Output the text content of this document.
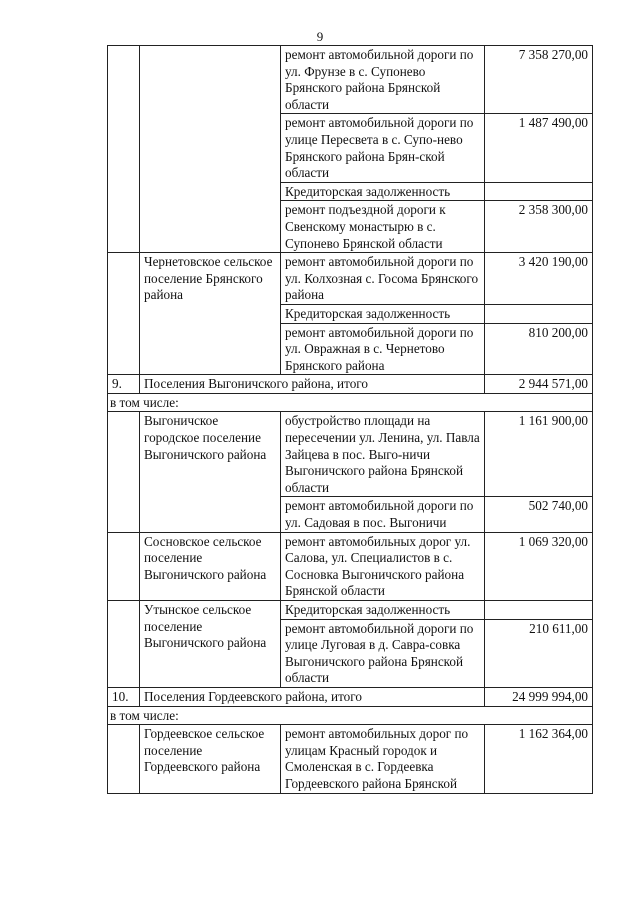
9
		ремонт автомобильной дороги по ул. Фрунзе в с. Супонево Брянского района Брянской области	7 358 270,00
		ремонт автомобильной дороги по улице Пересвета в с. Супо-нево Брянского района Брян-ской области	1 487 490,00
		Кредиторская задолженность	
		ремонт подъездной дороги к Свенскому монастырю в с. Супонево Брянской области	2 358 300,00
	Чернетовское сельское поселение Брянского района	ремонт автомобильной дороги по ул. Колхозная с. Госома Брянского района	3 420 190,00
		Кредиторская задолженность	
		ремонт автомобильной дороги по ул. Овражная в с. Чернетово Брянского района	810 200,00
9.	Поселения Выгоничского района, итого		2 944 571,00
в том числе:			
	Выгоничское городское поселение Выгоничского района	обустройство площади на пересечении ул. Ленина, ул. Павла Зайцева в пос. Выго-ничи Выгоничского района Брянской области	1 161 900,00
		ремонт автомобильной дороги по ул. Садовая в пос. Выгоничи	502 740,00
	Сосновское сельское поселение Выгоничского района	ремонт автомобильных дорог ул. Салова, ул. Специалистов в с. Сосновка Выгоничского района Брянской области	1 069 320,00
	Утынское сельское поселение Выгоничского района	Кредиторская задолженность	
		ремонт автомобильной дороги по улице Луговая в д. Савра-совка Выгоничского района Брянской области	210 611,00
10.	Поселения Гордеевского района, итого		24 999 994,00
в том числе:			
	Гордеевское сельское поселение Гордеевского района	ремонт автомобильных дорог по улицам Красный городок и Смоленская в с. Гордеевка Гордеевского района Брянской	1 162 364,00
